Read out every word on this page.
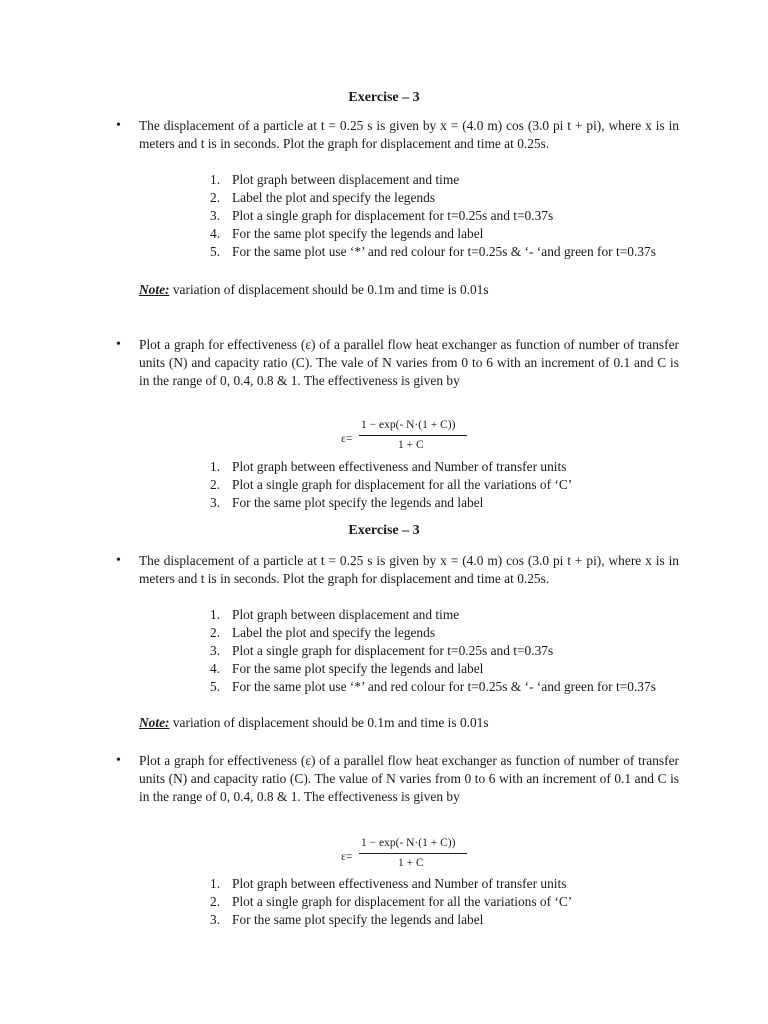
Exercise – 3
• The displacement of a particle at t = 0.25 s is given by x = (4.0 m) cos (3.0 pi t + pi), where x is in meters and t is in seconds. Plot the graph for displacement and time at 0.25s.
1. Plot graph between displacement and time
2. Label the plot and specify the legends
3. Plot a single graph for displacement for t=0.25s and t=0.37s
4. For the same plot specify the legends and label
5. For the same plot use ‘*’ and red colour for t=0.25s & ‘- ‘and green for t=0.37s
Note: variation of displacement should be 0.1m and time is 0.01s
• Plot a graph for effectiveness (ε) of a parallel flow heat exchanger as function of number of transfer units (N) and capacity ratio (C). The vale of N varies from 0 to 6 with an increment of 0.1 and C is in the range of 0, 0.4, 0.8 & 1. The effectiveness is given by
ε=
1 − exp(- N·(1 + C))
1 + C
1. Plot graph between effectiveness and Number of transfer units
2. Plot a single graph for displacement for all the variations of ‘C’
3. For the same plot specify the legends and label
Exercise – 3
• The displacement of a particle at t = 0.25 s is given by x = (4.0 m) cos (3.0 pi t + pi), where x is in meters and t is in seconds. Plot the graph for displacement and time at 0.25s.
1. Plot graph between displacement and time
2. Label the plot and specify the legends
3. Plot a single graph for displacement for t=0.25s and t=0.37s
4. For the same plot specify the legends and label
5. For the same plot use ‘*’ and red colour for t=0.25s & ‘- ‘and green for t=0.37s
Note: variation of displacement should be 0.1m and time is 0.01s
• Plot a graph for effectiveness (ε) of a parallel flow heat exchanger as function of number of transfer units (N) and capacity ratio (C). The value of N varies from 0 to 6 with an increment of 0.1 and C is in the range of 0, 0.4, 0.8 & 1. The effectiveness is given by
ε=
1 − exp(- N·(1 + C))
1 + C
1. Plot graph between effectiveness and Number of transfer units
2. Plot a single graph for displacement for all the variations of ‘C’
3. For the same plot specify the legends and label
